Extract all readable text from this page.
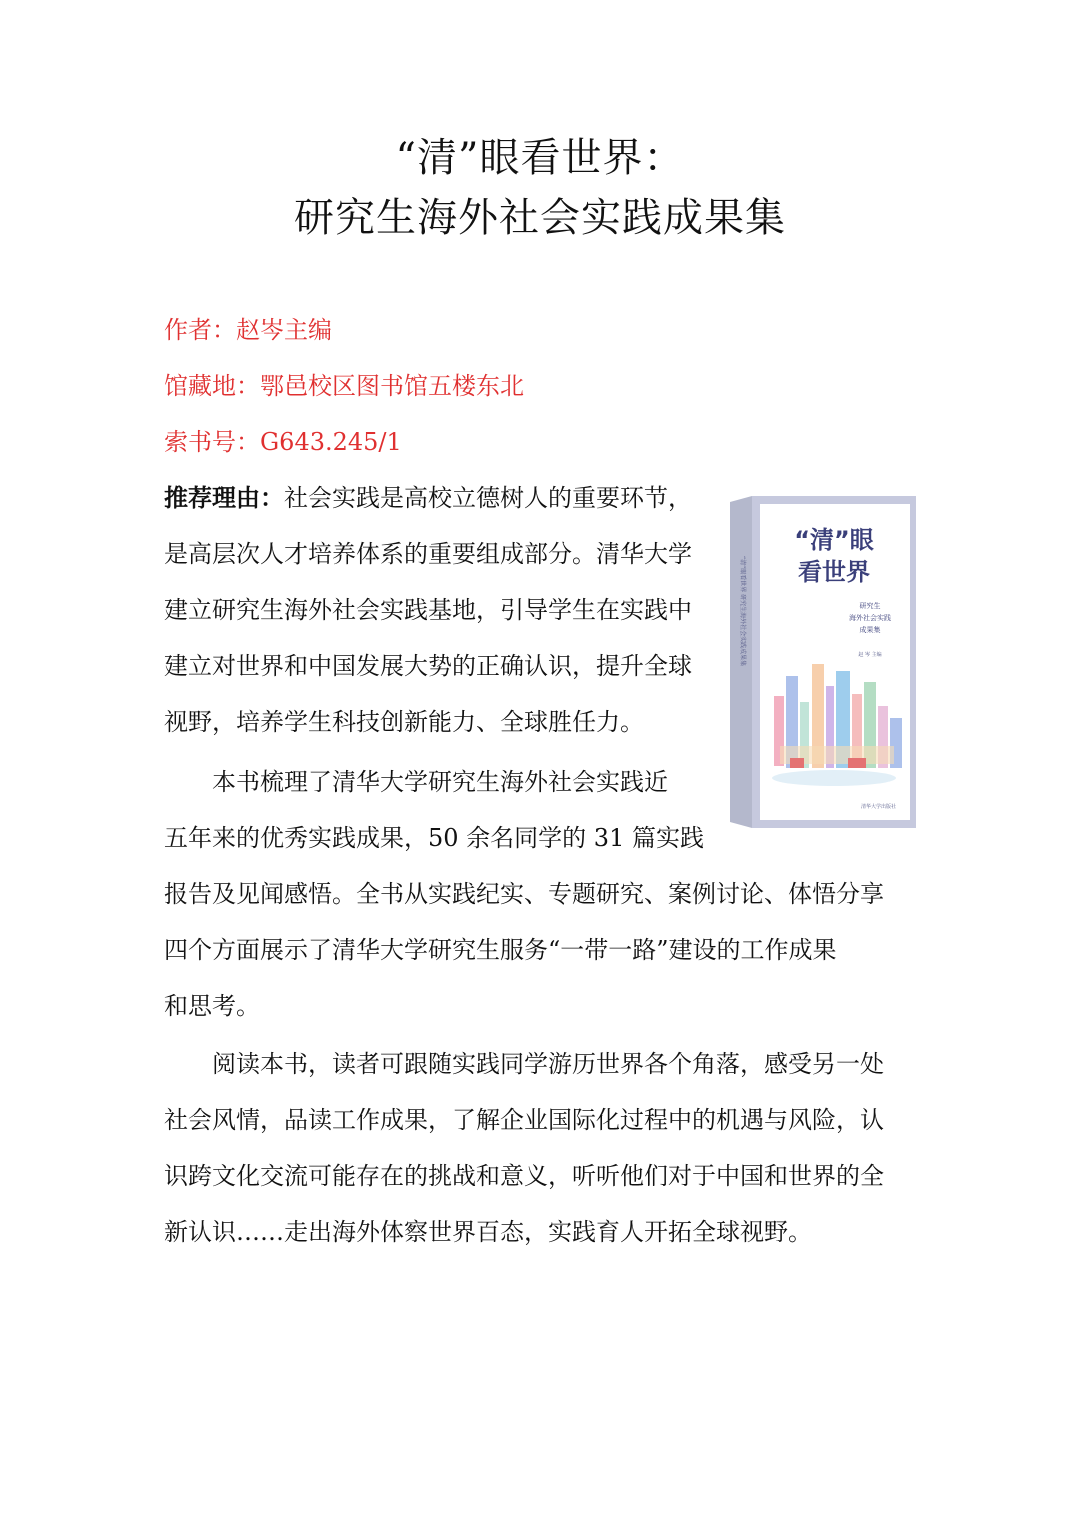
“清”眼看世界：
研究生海外社会实践成果集
作者：赵岑主编
馆藏地：鄂邑校区图书馆五楼东北
索书号：G643.245/1
推荐理由：社会实践是高校立德树人的重要环节，
是高层次人才培养体系的重要组成部分。清华大学
建立研究生海外社会实践基地，引导学生在实践中
建立对世界和中国发展大势的正确认识，提升全球
视野，培养学生科技创新能力、全球胜任力。
本书梳理了清华大学研究生海外社会实践近
五年来的优秀实践成果，50 余名同学的 31 篇实践
报告及见闻感悟。全书从实践纪实、专题研究、案例讨论、体悟分享
四个方面展示了清华大学研究生服务“一带一路”建设的工作成果
和思考。
阅读本书，读者可跟随实践同学游历世界各个角落，感受另一处
社会风情，品读工作成果，了解企业国际化过程中的机遇与风险，认
识跨文化交流可能存在的挑战和意义，听听他们对于中国和世界的全
新认识……走出海外体察世界百态，实践育人开拓全球视野。
“清”眼看世界 研究生海外社会实践成果集
“清”眼
看世界
研究生
海外社会实践
成果集
赵 岑 主编
清华大学出版社
